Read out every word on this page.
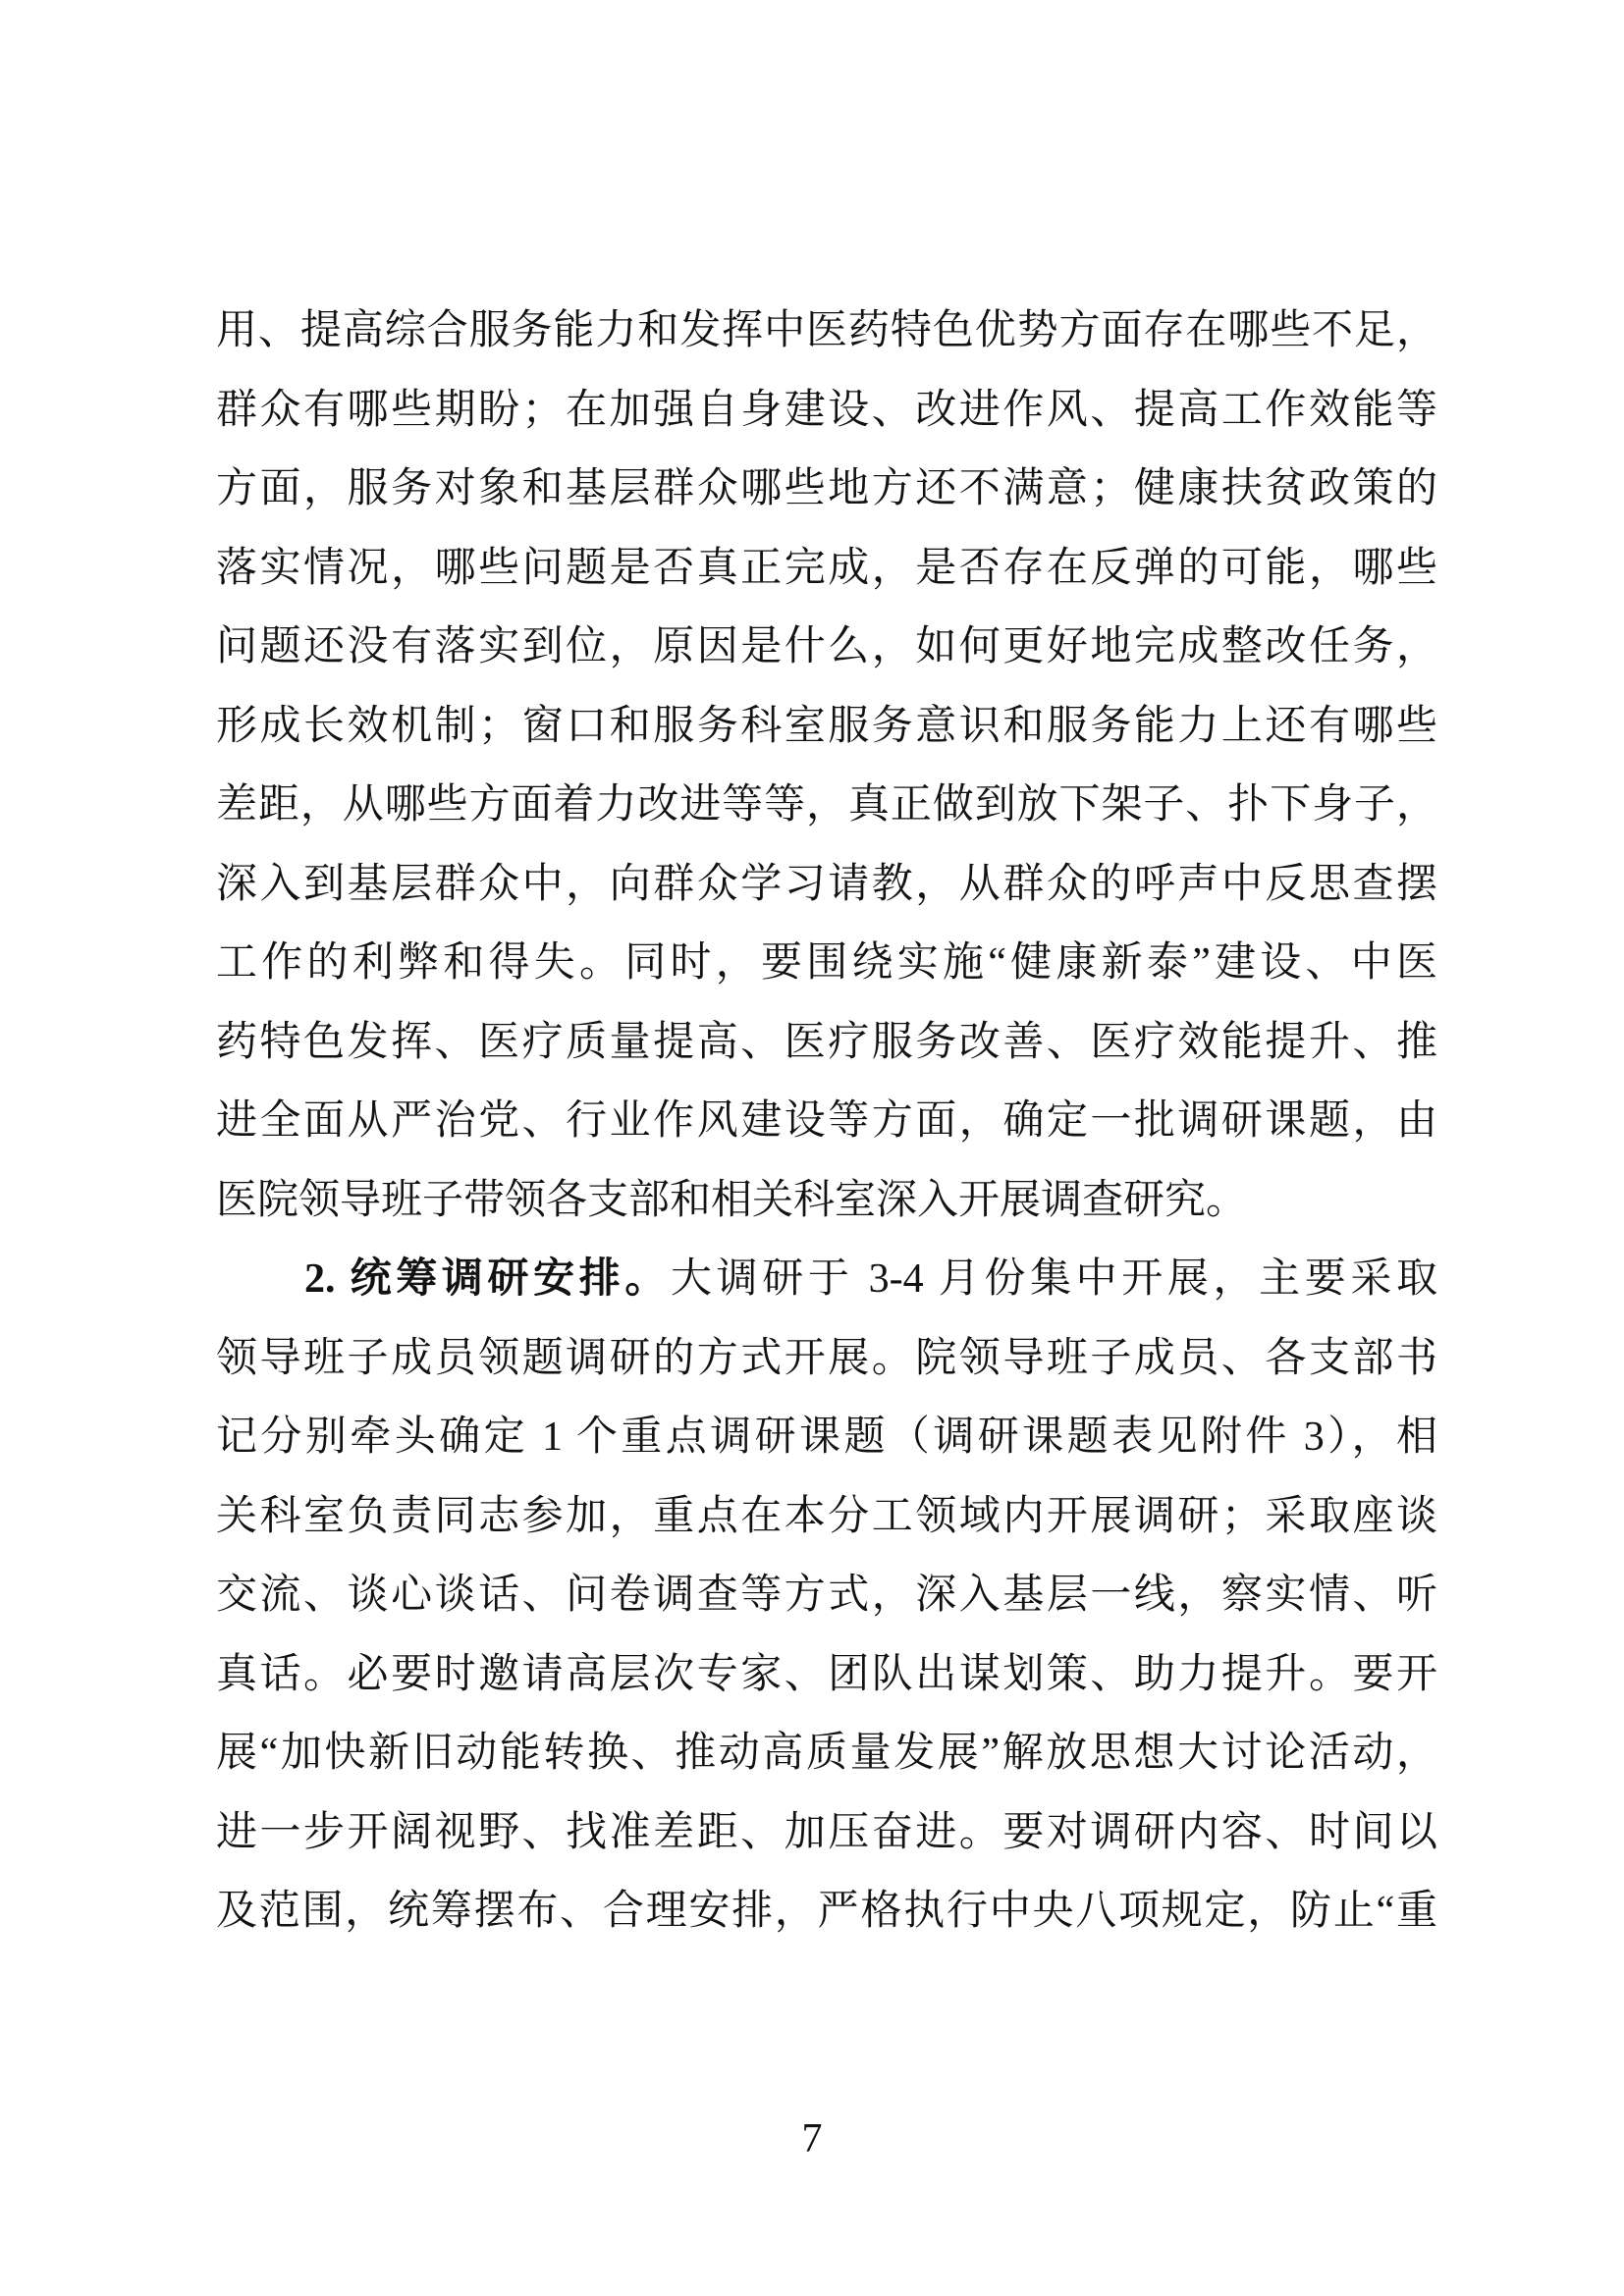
用、提高综合服务能力和发挥中医药特色优势方面存在哪些不足，
群众有哪些期盼；在加强自身建设、改进作风、提高工作效能等
方面，服务对象和基层群众哪些地方还不满意；健康扶贫政策的
落实情况，哪些问题是否真正完成，是否存在反弹的可能，哪些
问题还没有落实到位，原因是什么，如何更好地完成整改任务，
形成长效机制；窗口和服务科室服务意识和服务能力上还有哪些
差距，从哪些方面着力改进等等，真正做到放下架子、扑下身子，
深入到基层群众中，向群众学习请教，从群众的呼声中反思查摆
工作的利弊和得失。同时，要围绕实施“健康新泰”建设、中医
药特色发挥、医疗质量提高、医疗服务改善、医疗效能提升、推
进全面从严治党、行业作风建设等方面，确定一批调研课题，由
医院领导班子带领各支部和相关科室深入开展调查研究。
2. 统筹调研安排。大调研于 3-4 月份集中开展，主要采取
领导班子成员领题调研的方式开展。院领导班子成员、各支部书
记分别牵头确定 1 个重点调研课题（调研课题表见附件 3），相
关科室负责同志参加，重点在本分工领域内开展调研；采取座谈
交流、谈心谈话、问卷调查等方式，深入基层一线，察实情、听
真话。必要时邀请高层次专家、团队出谋划策、助力提升。要开
展“加快新旧动能转换、推动高质量发展”解放思想大讨论活动，
进一步开阔视野、找准差距、加压奋进。要对调研内容、时间以
及范围，统筹摆布、合理安排，严格执行中央八项规定，防止“重
7
